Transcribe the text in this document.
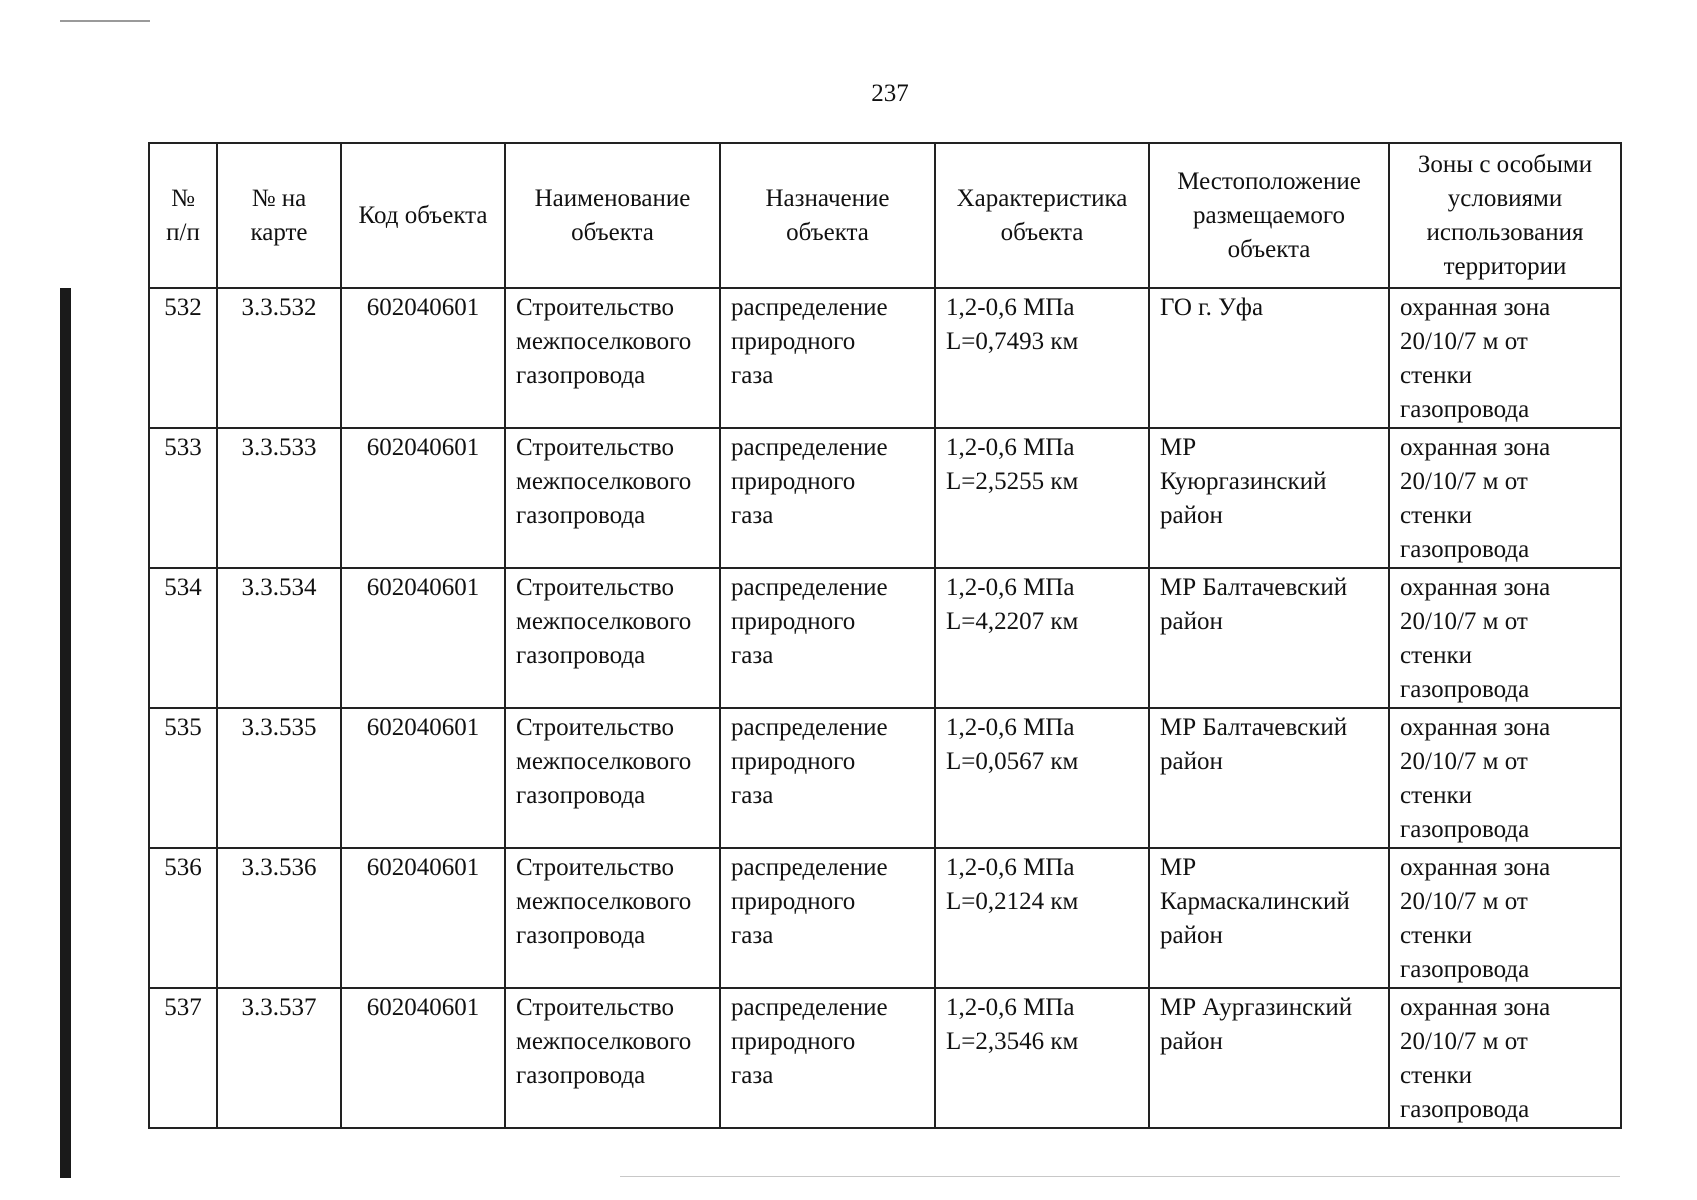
237
№
п/п	№ на
карте	Код объекта	Наименование
объекта	Назначение
объекта	Характеристика
объекта	Местоположение
размещаемого
объекта	Зоны с особыми
условиями
использования
территории

532	3.3.532	602040601	Строительство
межпоселкового
газопровода	распределение
природного
газа	1,2-0,6 МПа
L=0,7493 км	ГО г. Уфа	охранная зона
20/10/7 м от
стенки
газопровода

533	3.3.533	602040601	Строительство
межпоселкового
газопровода	распределение
природного
газа	1,2-0,6 МПа
L=2,5255 км	МР
Куюргазинский
район	охранная зона
20/10/7 м от
стенки
газопровода

534	3.3.534	602040601	Строительство
межпоселкового
газопровода	распределение
природного
газа	1,2-0,6 МПа
L=4,2207 км	МР Балтачевский
район	охранная зона
20/10/7 м от
стенки
газопровода

535	3.3.535	602040601	Строительство
межпоселкового
газопровода	распределение
природного
газа	1,2-0,6 МПа
L=0,0567 км	МР Балтачевский
район	охранная зона
20/10/7 м от
стенки
газопровода

536	3.3.536	602040601	Строительство
межпоселкового
газопровода	распределение
природного
газа	1,2-0,6 МПа
L=0,2124 км	МР
Кармаскалинский
район	охранная зона
20/10/7 м от
стенки
газопровода

537	3.3.537	602040601	Строительство
межпоселкового
газопровода	распределение
природного
газа	1,2-0,6 МПа
L=2,3546 км	МР Аургазинский
район	охранная зона
20/10/7 м от
стенки
газопровода
